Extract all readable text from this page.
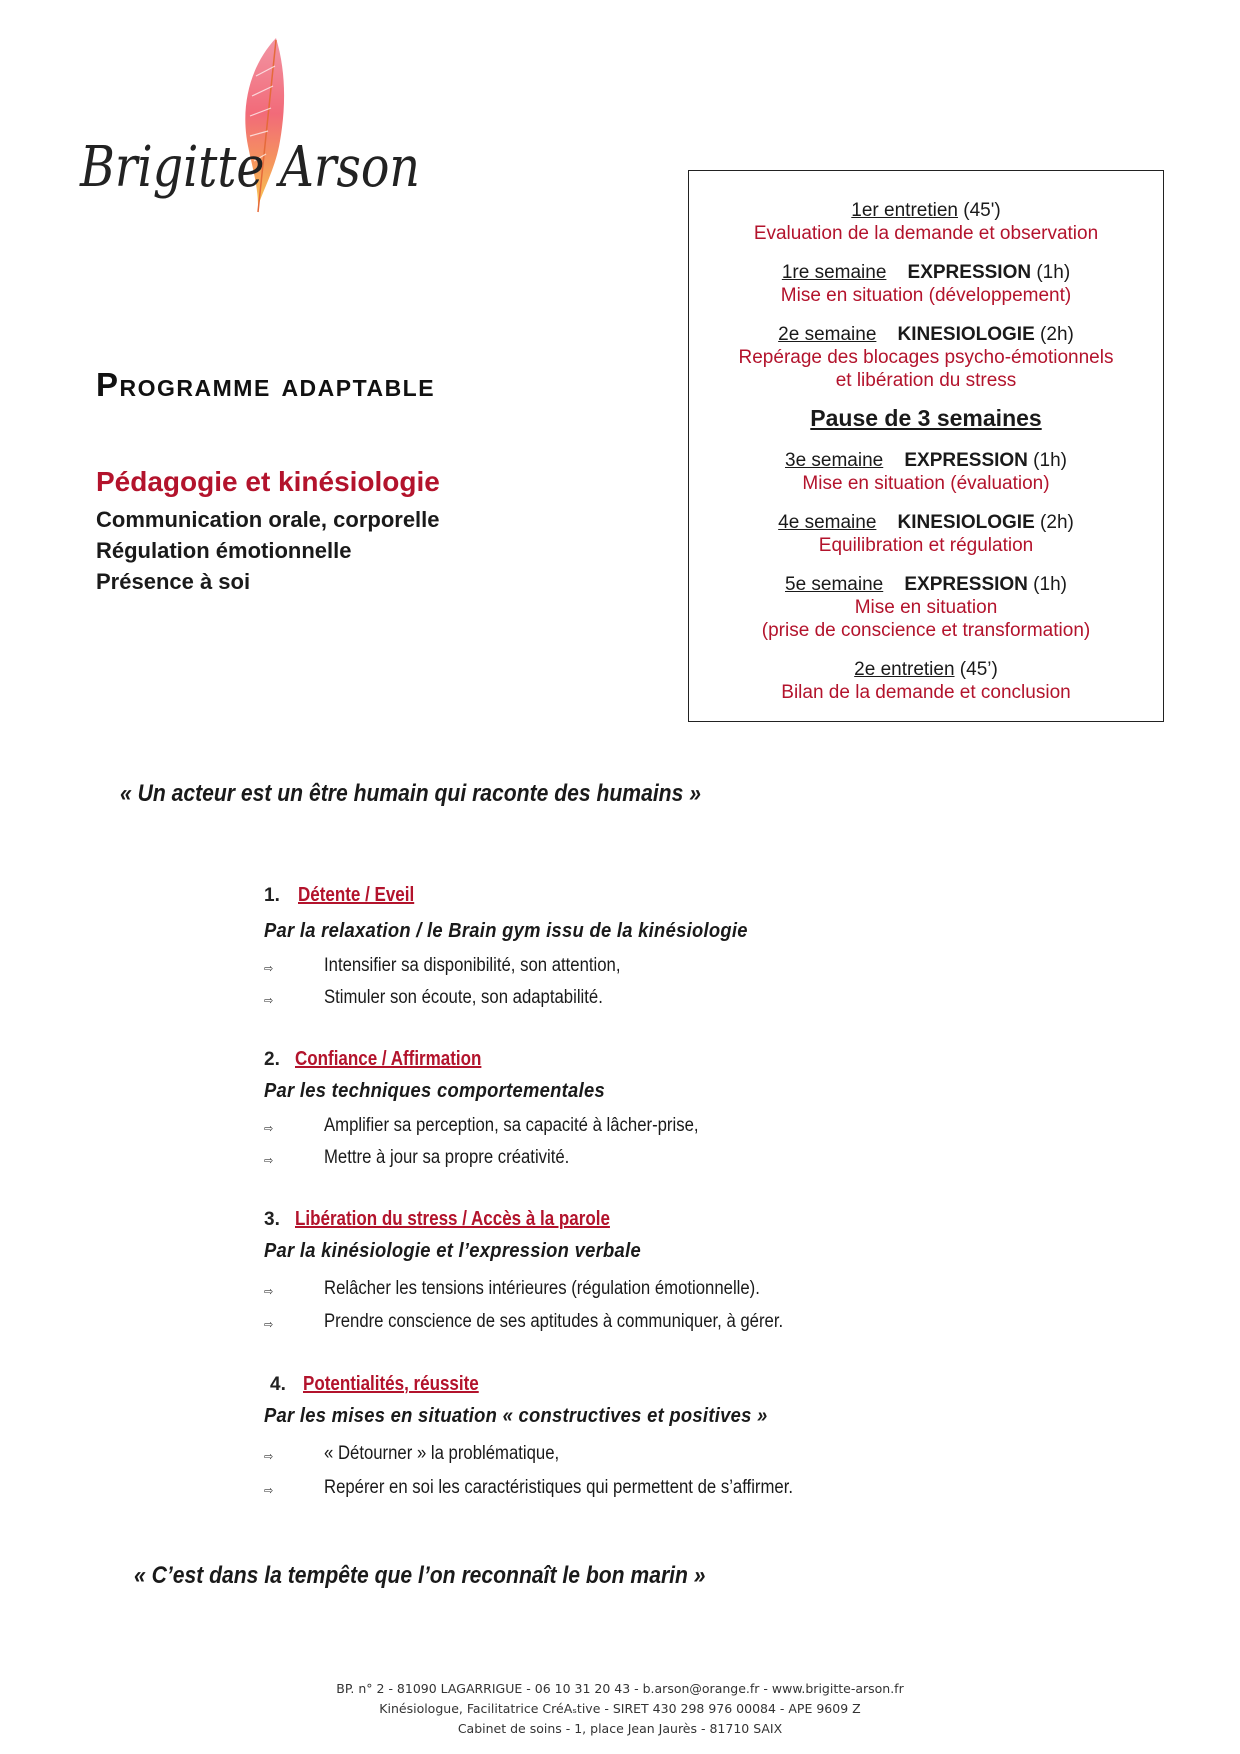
Brigitte Arson
Programme adaptable
Pédagogie et kinésiologie
Communication orale, corporelle
Régulation émotionnelle
Présence à soi
1er entretien (45')
Evaluation de la demande et observation
1re semaine EXPRESSION (1h)
Mise en situation (développement)
2e semaine KINESIOLOGIE (2h)
Repérage des blocages psycho-émotionnels
et libération du stress
Pause de 3 semaines
3e semaine EXPRESSION (1h)
Mise en situation (évaluation)
4e semaine KINESIOLOGIE (2h)
Equilibration et régulation
5e semaine EXPRESSION (1h)
Mise en situation
(prise de conscience et transformation)
2e entretien (45’)
Bilan de la demande et conclusion
« Un acteur est un être humain qui raconte des humains »
1. Détente / Eveil
Par la relaxation / le Brain gym issu de la kinésiologie
⇨	Intensifier sa disponibilité, son attention,
⇨	Stimuler son écoute, son adaptabilité.
2. Confiance / Affirmation
Par les techniques comportementales
⇨	Amplifier sa perception, sa capacité à lâcher-prise,
⇨	Mettre à jour sa propre créativité.
3. Libération du stress / Accès à la parole
Par la kinésiologie et l’expression verbale
⇨	Relâcher les tensions intérieures (régulation émotionnelle).
⇨	Prendre conscience de ses aptitudes à communiquer, à gérer.
4. Potentialités, réussite
Par les mises en situation « constructives et positives »
⇨	« Détourner » la problématique,
⇨	Repérer en soi les caractéristiques qui permettent de s’affirmer.
« C’est dans la tempête que l’on reconnaît le bon marin »
BP. n° 2 - 81090 LAGARRIGUE - 06 10 31 20 43 - b.arson@orange.fr - www.brigitte-arson.fr
Kinésiologue, Facilitatrice CréAₛtive - SIRET 430 298 976 00084 - APE 9609 Z
Cabinet de soins - 1, place Jean Jaurès - 81710 SAIX
